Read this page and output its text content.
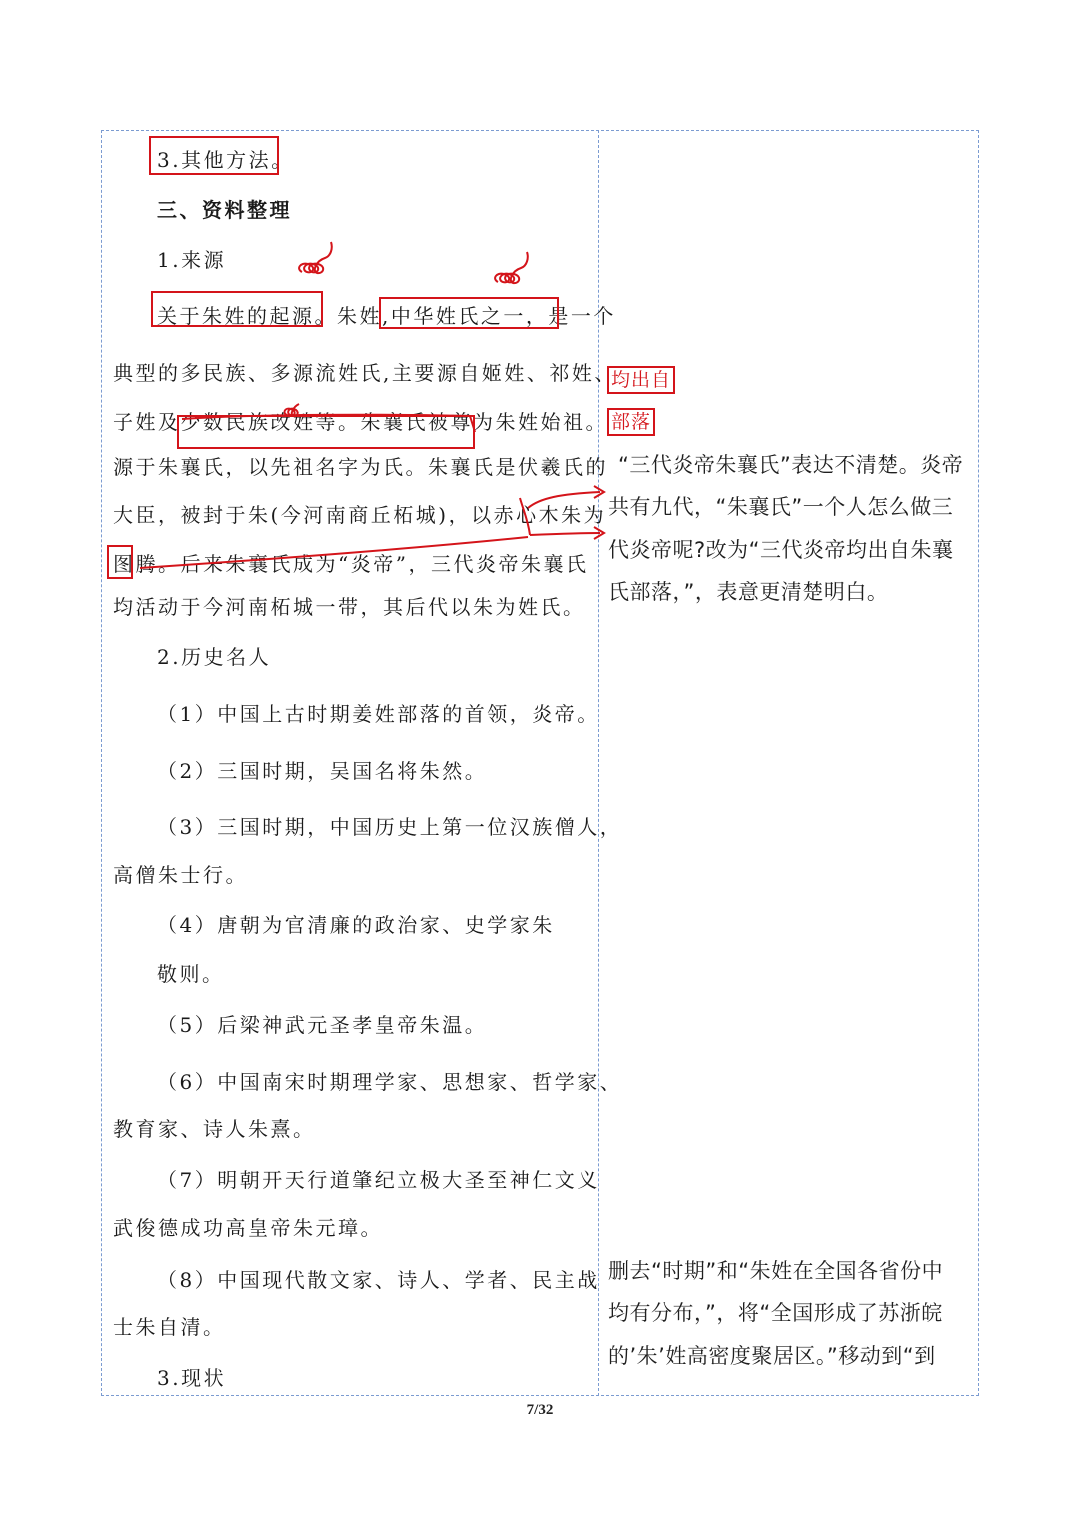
3.其他方法。
三、资料整理
1.来源
关于朱姓的起源。朱姓,中华姓氏之一，是一个
典型的多民族、多源流姓氏,主要源自姬姓、祁姓、
子姓及少数民族改姓等。朱襄氏被尊为朱姓始祖。
源于朱襄氏，以先祖名字为氏。朱襄氏是伏羲氏的
大臣，被封于朱(今河南商丘柘城)，以赤心木朱为
图腾。后来朱襄氏成为“炎帝”，三代炎帝朱襄氏
均活动于今河南柘城一带，其后代以朱为姓氏。
2.历史名人
（1）中国上古时期姜姓部落的首领，炎帝。
（2）三国时期，吴国名将朱然。
（3）三国时期，中国历史上第一位汉族僧人，
高僧朱士行。
（4）唐朝为官清廉的政治家、史学家朱
敬则。
（5）后梁神武元圣孝皇帝朱温。
（6）中国南宋时期理学家、思想家、哲学家、
教育家、诗人朱熹。
（7）明朝开天行道肇纪立极大圣至神仁文义
武俊德成功高皇帝朱元璋。
（8）中国现代散文家、诗人、学者、民主战
士朱自清。
3.现状
均出自
部落
“三代炎帝朱襄氏”表达不清楚。炎帝
共有九代，“朱襄氏”一个人怎么做三
代炎帝呢?改为“三代炎帝均出自朱襄
氏部落，”，表意更清楚明白。
删去“时期”和“朱姓在全国各省份中
均有分布，”，将“全国形成了苏浙皖
的’朱’姓高密度聚居区。”移动到“到
7/32
